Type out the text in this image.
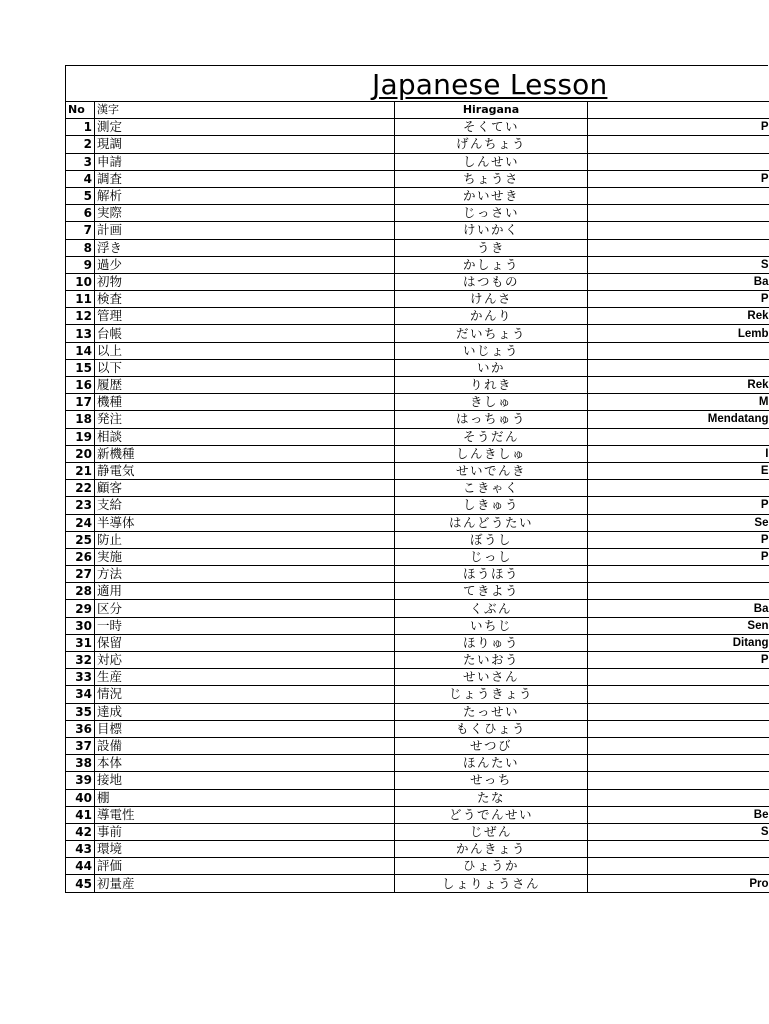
Japanese Lesson
No	漢字	Hiragana	
1	測定	そくてい	P
2	現調	げんちょう	
3	申請	しんせい	
4	調査	ちょうさ	P
5	解析	かいせき	
6	実際	じっさい	
7	計画	けいかく	
8	浮き	うき	
9	過少	かしょう	S
10	初物	はつもの	Ba
11	検査	けんさ	P
12	管理	かんり	Rek
13	台帳	だいちょう	Lemb
14	以上	いじょう	
15	以下	いか	
16	履歴	りれき	Rek
17	機種	きしゅ	M
18	発注	はっちゅう	Mendatang
19	相談	そうだん	
20	新機種	しんきしゅ	I
21	静電気	せいでんき	E
22	顧客	こきゃく	
23	支給	しきゅう	P
24	半導体	はんどうたい	Se
25	防止	ぼうし	P
26	実施	じっし	P
27	方法	ほうほう	
28	適用	てきよう	
29	区分	くぶん	Ba
30	一時	いちじ	Sen
31	保留	ほりゅう	Ditang
32	対応	たいおう	P
33	生産	せいさん	
34	情況	じょうきょう	
35	達成	たっせい	
36	目標	もくひょう	
37	設備	せつび	
38	本体	ほんたい	
39	接地	せっち	
40	棚	たな	
41	導電性	どうでんせい	Be
42	事前	じぜん	S
43	環境	かんきょう	
44	評価	ひょうか	
45	初量産	しょりょうさん	Pro
